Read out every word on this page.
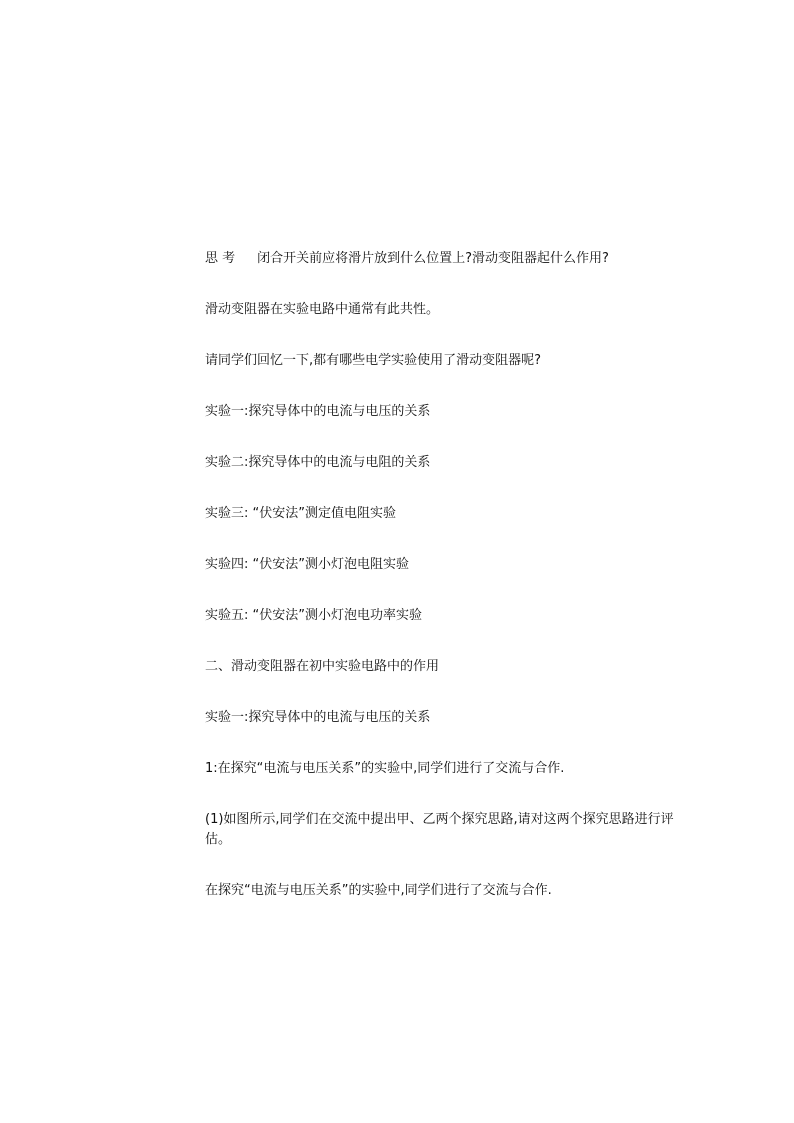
思 考 闭合开关前应将滑片放到什么位置上?滑动变阻器起什么作用?

滑动变阻器在实验电路中通常有此共性。

请同学们回忆一下,都有哪些电学实验使用了滑动变阻器呢?

实验一:探究导体中的电流与电压的关系

实验二:探究导体中的电流与电阻的关系

实验三: “伏安法”测定值电阻实验

实验四: “伏安法”测小灯泡电阻实验

实验五: “伏安法”测小灯泡电功率实验

二、滑动变阻器在初中实验电路中的作用

实验一:探究导体中的电流与电压的关系

1:在探究“电流与电压关系”的实验中,同学们进行了交流与合作.

(1)如图所示,同学们在交流中提出甲、乙两个探究思路,请对这两个探究思路进行评估。

在探究“电流与电压关系”的实验中,同学们进行了交流与合作.
